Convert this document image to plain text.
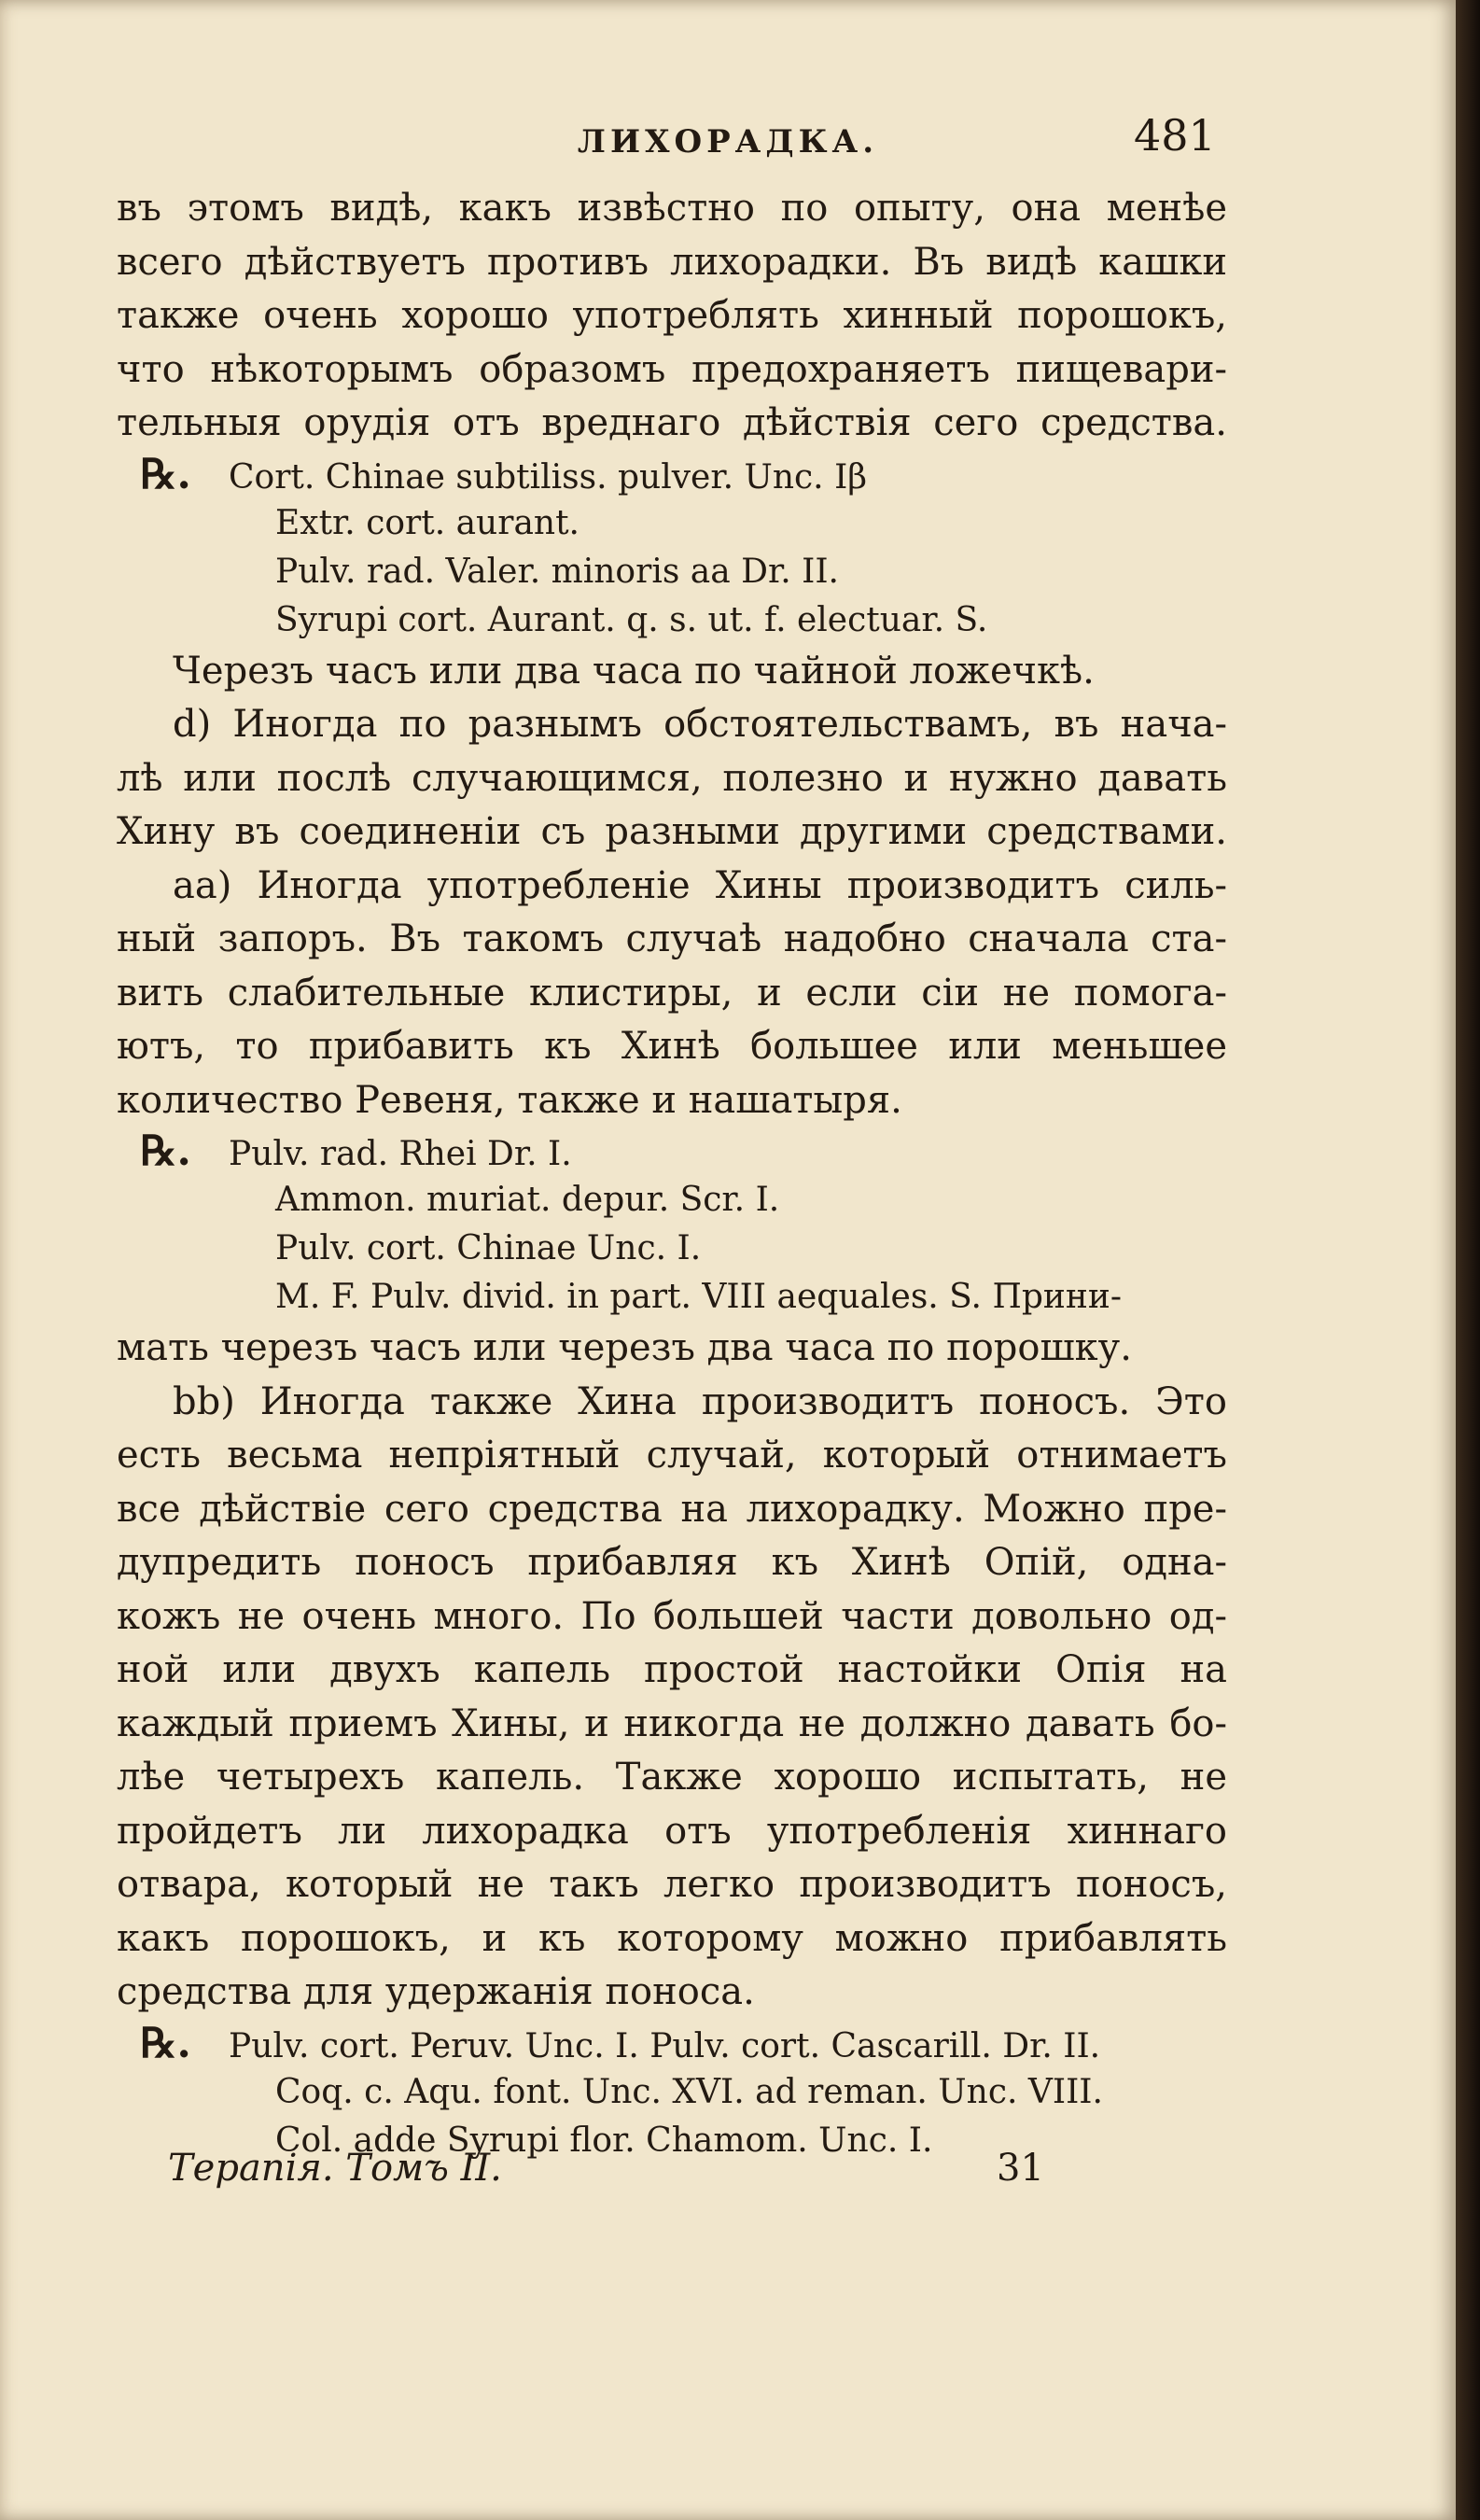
ЛИХОРАДКА.	481
въ этомъ видѣ, какъ извѣстно по опыту, она менѣе
всего дѣйствуетъ противъ лихорадки. Въ видѣ кашки
также очень хорошо употреблять хинный порошокъ,
что нѣкоторымъ образомъ предохраняетъ пищевари-
тельныя орудія отъ вреднаго дѣйствія сего средства.
℞. Cort. Chinae subtiliss. pulver. Unc. Iβ
Extr. cort. aurant.
Pulv. rad. Valer. minoris aa Dr. II.
Syrupi cort. Aurant. q. s. ut. f. electuar. S.
Черезъ часъ или два часа по чайной ложечкѣ.
d) Иногда по разнымъ обстоятельствамъ, въ нача-
лѣ или послѣ случающимся, полезно и нужно давать
Хину въ соединеніи съ разными другими средствами.
aa) Иногда употребленіе Хины производитъ силь-
ный запоръ. Въ такомъ случаѣ надобно сначала ста-
вить слабительные клистиры, и если сіи не помога-
ютъ, то прибавить къ Хинѣ большее или меньшее
количество Ревеня, также и нашатыря.
℞. Pulv. rad. Rhei Dr. I.
Ammon. muriat. depur. Scr. I.
Pulv. cort. Chinae Unc. I.
M. F. Pulv. divid. in part. VIII aequales. S. Прини-
мать черезъ часъ или черезъ два часа по порошку.
bb) Иногда также Хина производитъ поносъ. Это
есть весьма непріятный случай, который отнимаетъ
все дѣйствіе сего средства на лихорадку. Можно пре-
дупредить поносъ прибавляя къ Хинѣ Опій, одна-
кожъ не очень много. По большей части довольно од-
ной или двухъ капель простой настойки Опія на
каждый приемъ Хины, и никогда не должно давать бо-
лѣе четырехъ капель. Также хорошо испытать, не
пройдетъ ли лихорадка отъ употребленія хиннаго
отвара, который не такъ легко производитъ поносъ,
какъ порошокъ, и къ которому можно прибавлять
средства для удержанія поноса.
℞. Pulv. cort. Peruv. Unc. I. Pulv. cort. Cascarill. Dr. II.
Coq. c. Aqu. font. Unc. XVI. ad reman. Unc. VIII.
Col. adde Syrupi flor. Chamom. Unc. I.
Терапія. Томъ II.	31
